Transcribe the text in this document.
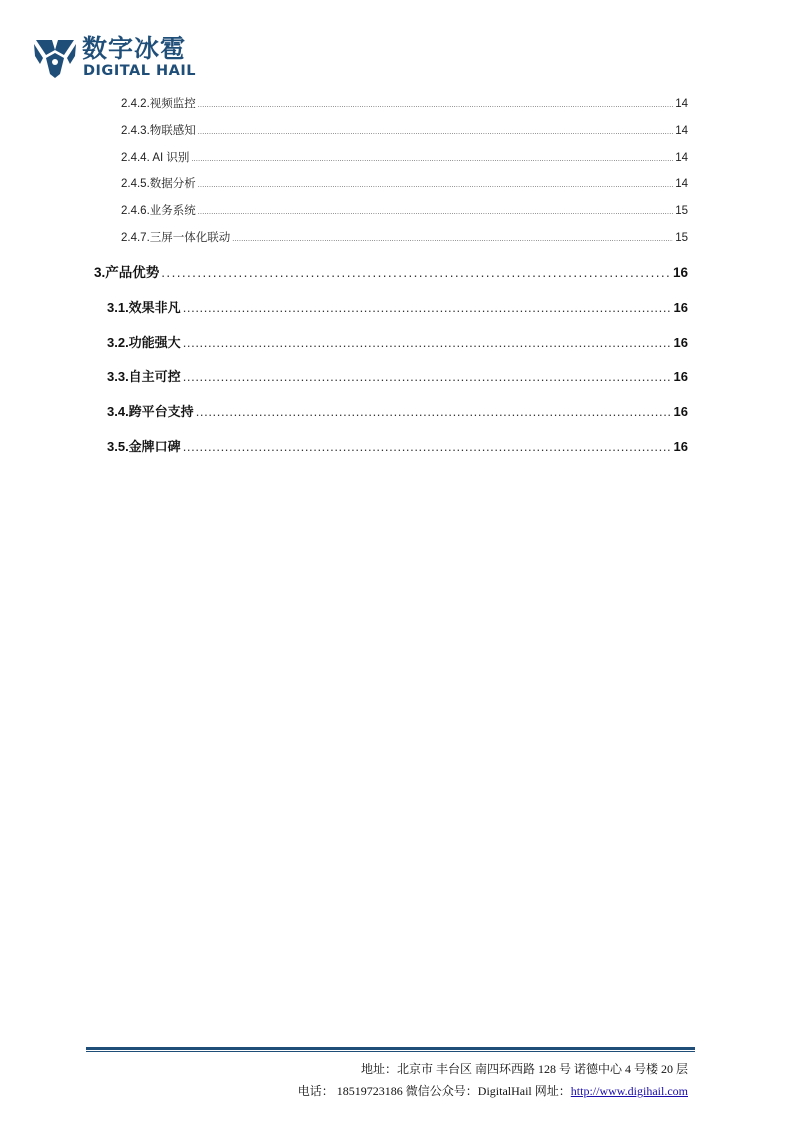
数字冰雹
DIGITAL HAIL
2.4.2.视频监控 .....	14
2.4.3.物联感知 .....	14
2.4.4. AI 识别 .....	14
2.4.5.数据分析 .....	14
2.4.6.业务系统 .....	15
2.4.7.三屏一体化联动 .....	15
3.产品优势 .....	16
3.1.效果非凡 .....	16
3.2.功能强大 .....	16
3.3.自主可控 .....	16
3.4.跨平台支持 .....	16
3.5.金牌口碑 .....	16
地址：北京市 丰台区 南四环西路 128 号 诺德中心 4 号楼 20 层
电话： 18519723186 微信公众号：DigitalHail 网址：http://www.digihail.com
